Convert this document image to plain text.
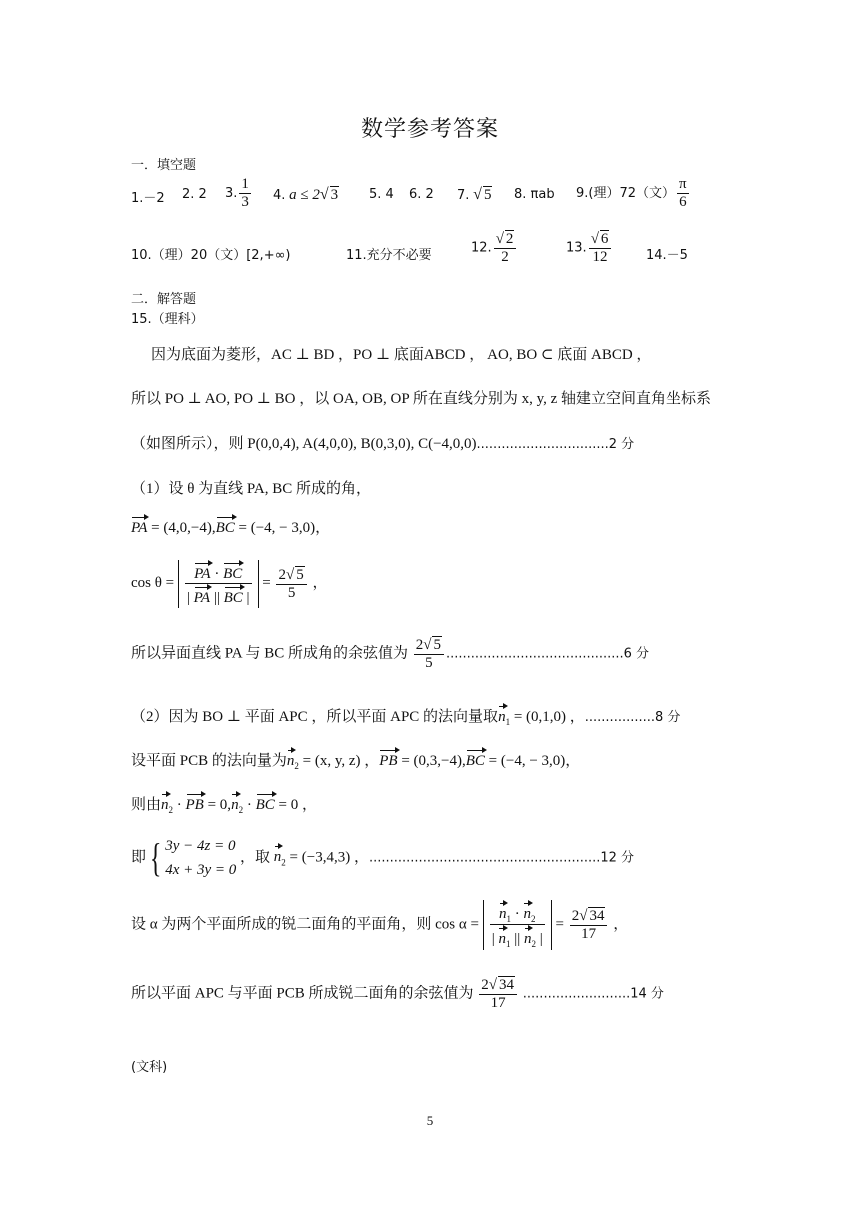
数学参考答案
一．填空题
1.－2 2. 2 3. $\frac{1}{3} 4$. a ≤ 2√ 3 5. 4 6. 2 7. √ 5 8. πab 9.(理）72（文） $\frac{\pi}{6}$
10.（理）20（文）[2,+∞)	11.充分不必要	12. $\frac{√ 2}{2}$	13. $\frac{√ 6}{12}$	14.－5
二．解答题
15.（理科）
因为底面为菱形，AC ⊥ BD ，PO ⊥ 底面ABCD ， AO, BO ⊂ 底面 ABCD ，
所以 PO ⊥ AO, PO ⊥ BO ，以 OA, OB, OP 所在直线分别为 x, y, z 轴建立空间直角坐标系
（如图所示），则 P(0,0,4), A(4,0,0), B(0,3,0), C(−4,0,0)................................2 分
（1）设 θ 为直线 PA, BC 所成的角，
PA = (4,0,−4),BC = (−4, − 3,0)，
$\cos \theta = \frac{PA \cdot BC}{| PA || BC |} = \frac{2√ 5}{5}$ ，
所以异面直线 PA 与 BC 所成角的余弦值为 $\frac{2√ 5}{5} ...........................................6$ 分
（2）因为 BO ⊥ 平面 APC ，所以平面 APC 的法向量取$n_1 = (0,1,0)$ ，.................8 分
设平面 PCB 的法向量为$n_2 = (x$, y, z) ，PB = (0,3,−4),BC = (−4, − 3,0)，
则由$n_2$ · PB = $0,n_2$ · BC = 0 ，
即{ 3y − 4z = 0
4x + 3y = 0
，取 $n_2 = (-3,4,3)$ ，........................................................12 分
设 α 为两个平面所成的锐二面角的平面角，则 $\cos \alpha = \frac{n_1 \cdot n_2}{| n_1 || n_2 |} = \frac{2√ 34}{17}$ ，
所以平面 APC 与平面 PCB 所成锐二面角的余弦值为 $\frac{2√ 34}{17} ..........................14$ 分
(文科)
5
